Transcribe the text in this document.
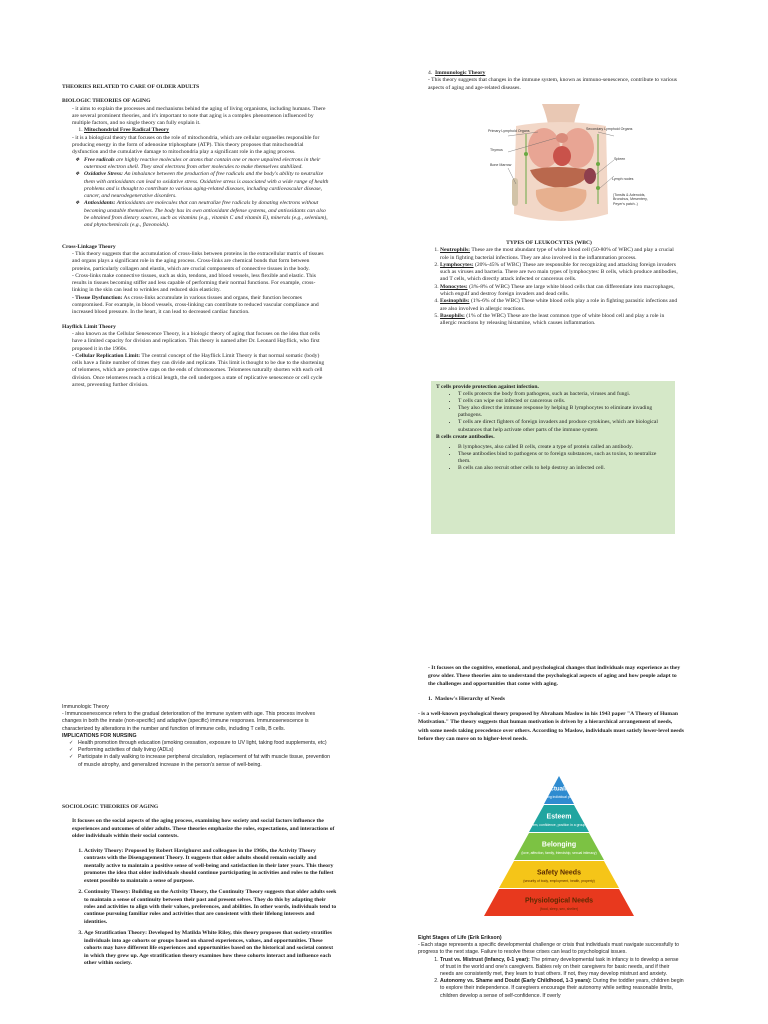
THEORIES RELATED TO CARE OF OLDER ADULTS

BIOLOGIC THEORIES OF AGING

- it aims to explain the processes and mechanisms behind the aging of living organisms, including humans. There are several prominent theories, and it's important to note that aging is a complex phenomenon influenced by multiple factors, and no single theory can fully explain it.

1. Mitochondrial Free Radical Theory

- it is a biological theory that focuses on the role of mitochondria, which are cellular organelles responsible for producing energy in the form of adenosine triphosphate (ATP). This theory proposes that mitochondrial dysfunction and the cumulative damage to mitochondria play a significant role in the aging process.

❖ Free radicals are highly reactive molecules or atoms that contain one or more unpaired electrons in their outermost electron shell. They steal electrons from other molecules to make themselves stabilized.
❖ Oxidative Stress: An imbalance between the production of free radicals and the body's ability to neutralize them with antioxidants can lead to oxidative stress. Oxidative stress is associated with a wide range of health problems and is thought to contribute to various aging-related diseases, including cardiovascular disease, cancer, and neurodegenerative disorders.
❖ Antioxidants: Antioxidants are molecules that can neutralize free radicals by donating electrons without becoming unstable themselves. The body has its own antioxidant defense systems, and antioxidants can also be obtained from dietary sources, such as vitamins (e.g., vitamin C and vitamin E), minerals (e.g., selenium), and phytochemicals (e.g., flavonoids).

Cross-Linkage Theory

- This theory suggests that the accumulation of cross-links between proteins in the extracellular matrix of tissues and organs plays a significant role in the aging process. Cross-links are chemical bonds that form between proteins, particularly collagen and elastin, which are crucial components of connective tissues in the body.

- Cross-links make connective tissues, such as skin, tendons, and blood vessels, less flexible and elastic. This results in tissues becoming stiffer and less capable of performing their normal functions. For example, cross-linking in the skin can lead to wrinkles and reduced skin elasticity.

- Tissue Dysfunction: As cross-links accumulate in various tissues and organs, their function becomes compromised. For example, in blood vessels, cross-linking can contribute to reduced vascular compliance and increased blood pressure. In the heart, it can lead to decreased cardiac function.

Hayflick Limit Theory

- also known as the Cellular Senescence Theory, is a biologic theory of aging that focuses on the idea that cells have a limited capacity for division and replication. This theory is named after Dr. Leonard Hayflick, who first proposed it in the 1960s.

- Cellular Replication Limit: The central concept of the Hayflick Limit Theory is that normal somatic (body) cells have a finite number of times they can divide and replicate. This limit is thought to be due to the shortening of telomeres, which are protective caps on the ends of chromosomes. Telomeres naturally shorten with each cell division. Once telomeres reach a critical length, the cell undergoes a state of replicative senescence or cell cycle arrest, preventing further division.

4. Immunologic Theory

- This theory suggests that changes in the immune system, known as immuno-senescence, contribute to various aspects of aging and age-related diseases.

Primary Lymphoid Organs
Thymus
Bone Marrow
Secondary Lymphoid Organs
Spleen
Lymph nodes
(Tonsils & Adenoids, Bronchus, Mesentery, Peyer's patch..)

TYPES OF LEUKOCYTES (WBC)

1. Neutrophils: These are the most abundant type of white blood cell (50-80% of WBC) and play a crucial role in fighting bacterial infections. They are also involved in the inflammation process.
2. Lymphocytes: (20%-45% of WBC) These are responsible for recognizing and attacking foreign invaders such as viruses and bacteria. There are two main types of lymphocytes: B cells, which produce antibodies, and T cells, which directly attack infected or cancerous cells.
3. Monocytes: (3%-8% of WBC) These are large white blood cells that can differentiate into macrophages, which engulf and destroy foreign invaders and dead cells.
4. Eosinophils: (1%-6% of the WBC) These white blood cells play a role in fighting parasitic infections and are also involved in allergic reactions.
5. Basophils: (1% of the WBC) These are the least common type of white blood cell and play a role in allergic reactions by releasing histamine, which causes inflammation.

T cells provide protection against infection.

• T cells protects the body from pathogens, such as bacteria, viruses and fungi.
• T cells can wipe out infected or cancerous cells.
• They also direct the immune response by helping B lymphocytes to eliminate invading pathogens.
• T cells are direct fighters of foreign invaders and produce cytokines, which are biological substances that help activate other parts of the immune system

B cells create antibodies.

• B lymphocytes, also called B cells, create a type of protein called an antibody.
• These antibodies bind to pathogens or to foreign substances, such as toxins, to neutralize them.
• B cells can also recruit other cells to help destroy an infected cell.

Immunologic Theory

- Immunosenescence refers to the gradual deterioration of the immune system with age. This process involves changes in both the innate (non-specific) and adaptive (specific) immune responses. Immunosenescence is characterized by alterations in the number and function of immune cells, including T cells, B cells.

IMPLICATIONS FOR NURSING

✓ Health promotion through education (smoking cessation, exposure to UV light, taking food supplements, etc)
✓ Performing activities of daily living (ADLs)
✓ Participate in daily walking to increase peripheral circulation, replacement of fat with muscle tissue, prevention of muscle atrophy, and generalized increase in the person's sense of well-being.

SOCIOLOGIC THEORIES OF AGING

It focuses on the social aspects of the aging process, examining how society and social factors influence the experiences and outcomes of older adults. These theories emphasize the roles, expectations, and interactions of older individuals within their social contexts.

1. Activity Theory: Proposed by Robert Havighurst and colleagues in the 1960s, the Activity Theory contrasts with the Disengagement Theory. It suggests that older adults should remain socially and mentally active to maintain a positive sense of well-being and satisfaction in their later years. This theory promotes the idea that older individuals should continue participating in activities and roles to the fullest extent possible to maintain a sense of purpose.
2. Continuity Theory: Building on the Activity Theory, the Continuity Theory suggests that older adults seek to maintain a sense of continuity between their past and present selves. They do this by adapting their roles and activities to align with their values, preferences, and abilities. In other words, individuals tend to continue pursuing familiar roles and activities that are consistent with their lifelong interests and identities.
3. Age Stratification Theory: Developed by Matilda White Riley, this theory proposes that society stratifies individuals into age cohorts or groups based on shared experiences, values, and opportunities. These cohorts may have different life experiences and opportunities based on the historical and societal context in which they grew up. Age stratification theory examines how these cohorts interact and influence each other within society.

- It focuses on the cognitive, emotional, and psychological changes that individuals may experience as they grow older. These theories aim to understand the psychological aspects of aging and how people adapt to the challenges and opportunities that come with aging.

1. Maslow's Hierarchy of Needs

- is a well-known psychological theory proposed by Abraham Maslow in his 1943 paper "A Theory of Human Motivation." The theory suggests that human motivation is driven by a hierarchical arrangement of needs, with some needs taking precedence over others. According to Maslow, individuals must satisfy lower-level needs before they can move on to higher-level needs.

Self-actualization
(achieving individual potential)
Esteem
(self-esteem, confidence, position in a group, status..)
Belonging
(love, affection, family, friendship, sexual intimacy)
Safety Needs
(security of body, employment, health, property)
Physiological Needs
(food, sleep, sex, shelter)

Eight Stages of Life (Erik Erikson)

- Each stage represents a specific developmental challenge or crisis that individuals must navigate successfully to progress to the next stage. Failure to resolve these crises can lead to psychological issues.

1. Trust vs. Mistrust (Infancy, 0-1 year): The primary developmental task in infancy is to develop a sense of trust in the world and one's caregivers. Babies rely on their caregivers for basic needs, and if their needs are consistently met, they learn to trust others. If not, they may develop mistrust and anxiety.
2. Autonomy vs. Shame and Doubt (Early Childhood, 1-3 years): During the toddler years, children begin to explore their independence. If caregivers encourage their autonomy while setting reasonable limits, children develop a sense of self-confidence. If overly
